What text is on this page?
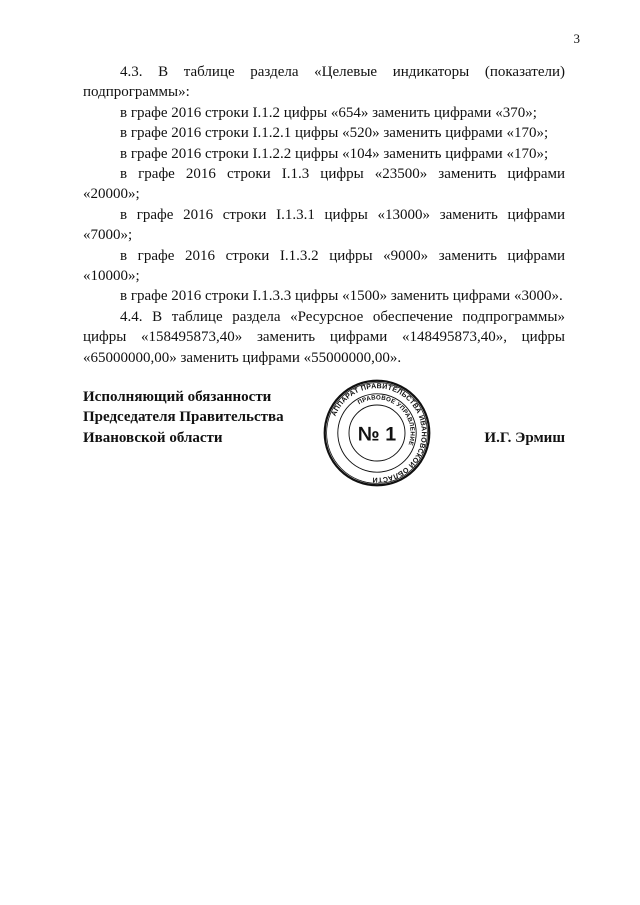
3

4.3. В таблице раздела «Целевые индикаторы (показатели) подпрограммы»:

в графе 2016 строки I.1.2 цифры «654» заменить цифрами «370»;

в графе 2016 строки I.1.2.1 цифры «520» заменить цифрами «170»;

в графе 2016 строки I.1.2.2 цифры «104» заменить цифрами «170»;

в графе 2016 строки I.1.3 цифры «23500» заменить цифрами «20000»;

в графе 2016 строки I.1.3.1 цифры «13000» заменить цифрами «7000»;

в графе 2016 строки I.1.3.2 цифры «9000» заменить цифрами «10000»;

в графе 2016 строки I.1.3.3 цифры «1500» заменить цифрами «3000».

4.4. В таблице раздела «Ресурсное обеспечение подпрограммы» цифры «158495873,40» заменить цифрами «148495873,40», цифры «65000000,00» заменить цифрами «55000000,00».

Исполняющий обязанности
Председателя Правительства
Ивановской области
АППАРАТ ПРАВИТЕЛЬСТВА ИВАНОВСКОЙ ОБЛАСТИ
ПРАВОВОЕ УПРАВЛЕНИЕ
№ 1	И.Г. Эрмиш
